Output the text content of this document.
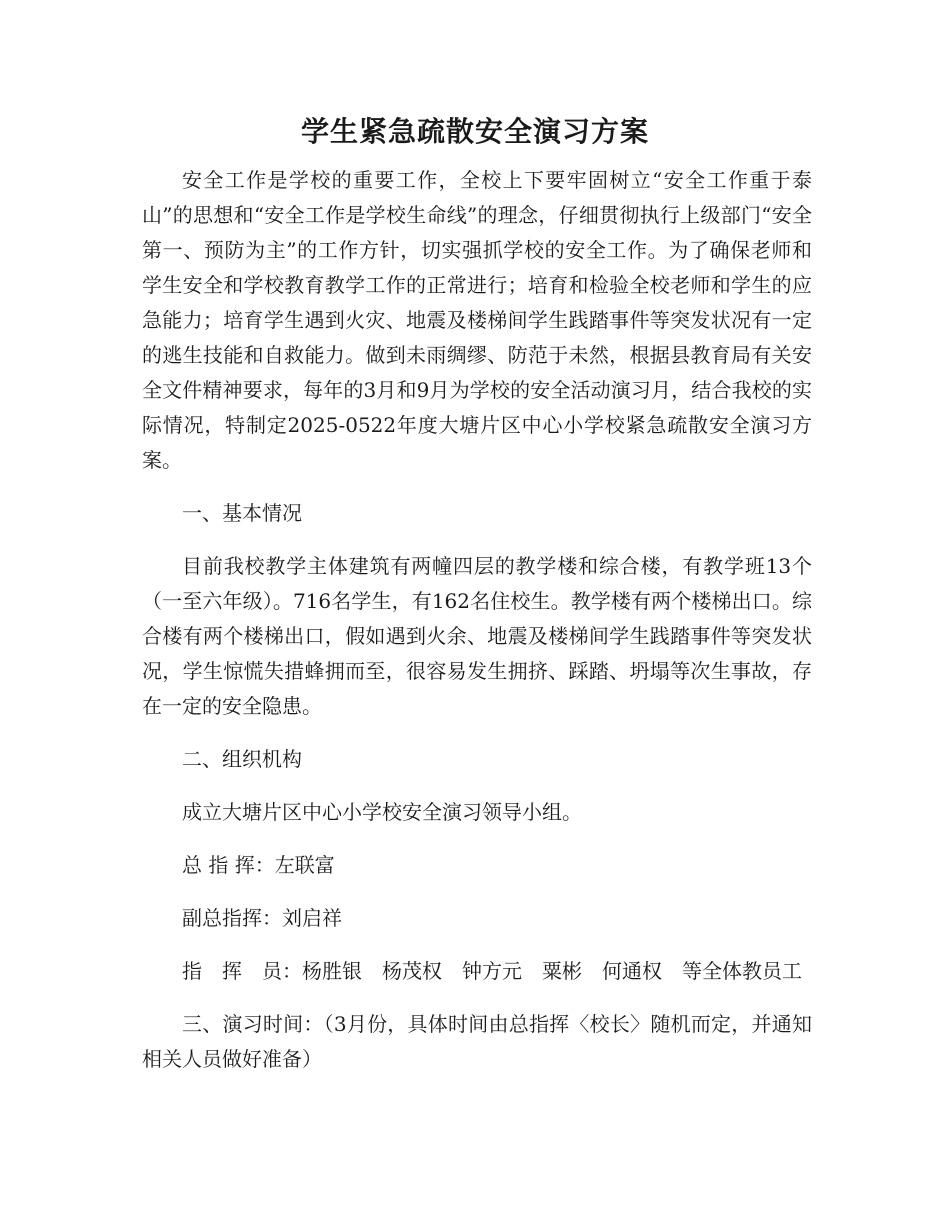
学生紧急疏散安全演习方案

安全工作是学校的重要工作，全校上下要牢固树立“安全工作重于泰山”的思想和“安全工作是学校生命线”的理念，仔细贯彻执行上级部门“安全第一、预防为主”的工作方针，切实强抓学校的安全工作。为了确保老师和学生安全和学校教育教学工作的正常进行；培育和检验全校老师和学生的应急能力；培育学生遇到火灾、地震及楼梯间学生践踏事件等突发状况有一定的逃生技能和自救能力。做到未雨绸缪、防范于未然，根据县教育局有关安全文件精神要求，每年的3月和9月为学校的安全活动演习月，结合我校的实际情况，特制定2025-0522年度大塘片区中心小学校紧急疏散安全演习方案。

一、基本情况

目前我校教学主体建筑有两幢四层的教学楼和综合楼，有教学班13个（一至六年级）。716名学生，有162名住校生。教学楼有两个楼梯出口。综合楼有两个楼梯出口，假如遇到火余、地震及楼梯间学生践踏事件等突发状况，学生惊慌失措蜂拥而至，很容易发生拥挤、踩踏、坍塌等次生事故，存在一定的安全隐患。

二、组织机构

成立大塘片区中心小学校安全演习领导小组。

总 指 挥：左联富

副总指挥：刘启祥

指　挥　员：杨胜银　杨茂权　钟方元　粟彬　何通权　等全体教员工

三、演习时间：（3月份，具体时间由总指挥〈校长〉随机而定，并通知相关人员做好准备）
